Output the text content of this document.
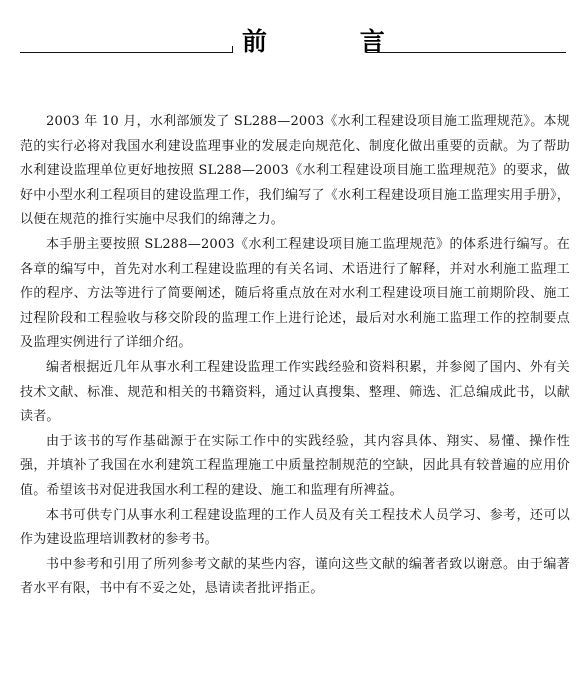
前 言

2003 年 10 月，水利部颁发了 SL288—2003《水利工程建设项目施工监理规范》。本规范的实行必将对我国水利建设监理事业的发展走向规范化、制度化做出重要的贡献。为了帮助水利建设监理单位更好地按照 SL288—2003《水利工程建设项目施工监理规范》的要求，做好中小型水利工程项目的建设监理工作，我们编写了《水利工程建设项目施工监理实用手册》，以便在规范的推行实施中尽我们的绵薄之力。

本手册主要按照 SL288—2003《水利工程建设项目施工监理规范》的体系进行编写。在各章的编写中，首先对水利工程建设监理的有关名词、术语进行了解释，并对水利施工监理工作的程序、方法等进行了简要阐述，随后将重点放在对水利工程建设项目施工前期阶段、施工过程阶段和工程验收与移交阶段的监理工作上进行论述，最后对水利施工监理工作的控制要点及监理实例进行了详细介绍。

编者根据近几年从事水利工程建设监理工作实践经验和资料积累，并参阅了国内、外有关技术文献、标准、规范和相关的书籍资料，通过认真搜集、整理、筛选、汇总编成此书，以献读者。

由于该书的写作基础源于在实际工作中的实践经验，其内容具体、翔实、易懂、操作性强，并填补了我国在水利建筑工程监理施工中质量控制规范的空缺，因此具有较普遍的应用价值。希望该书对促进我国水利工程的建设、施工和监理有所裨益。

本书可供专门从事水利工程建设监理的工作人员及有关工程技术人员学习、参考，还可以作为建设监理培训教材的参考书。

书中参考和引用了所列参考文献的某些内容，谨向这些文献的编著者致以谢意。由于编著者水平有限，书中有不妥之处，恳请读者批评指正。
